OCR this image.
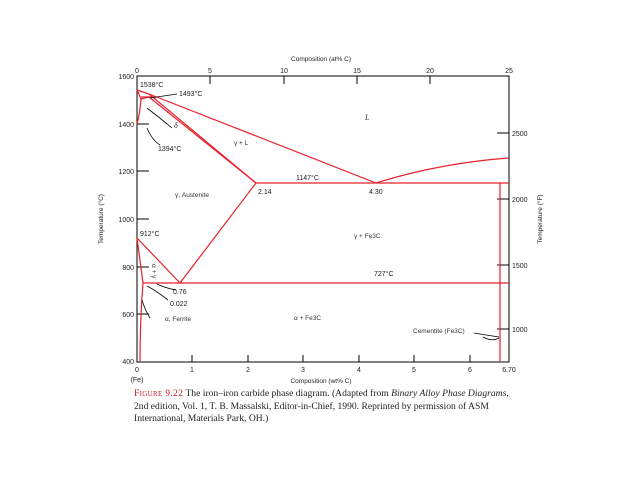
0	5	10	15	20	25
Composition (at% C)
0	1	2	3	4	5	6	6.70
(Fe)	Composition (wt% C)
1600
1400
1200
1000
800
600
400
Temperature (°C)
2500
2000
1500
1000
Temperature (°F)
1538°C
1493°C
1394°C
1147°C
912°C
727°C
2.14	4.30
0.76
0.022
L
γ + L
δ
γ, Austenite
γ + Fe3C
α, Ferrite	α + Fe3C
α + γ
Cementite (Fe3C)
Figure 9.22 The iron–iron carbide phase diagram. (Adapted from Binary Alloy Phase Diagrams, 2nd edition, Vol. 1, T. B. Massalski, Editor-in-Chief, 1990. Reprinted by permission of ASM International, Materials Park, OH.)
